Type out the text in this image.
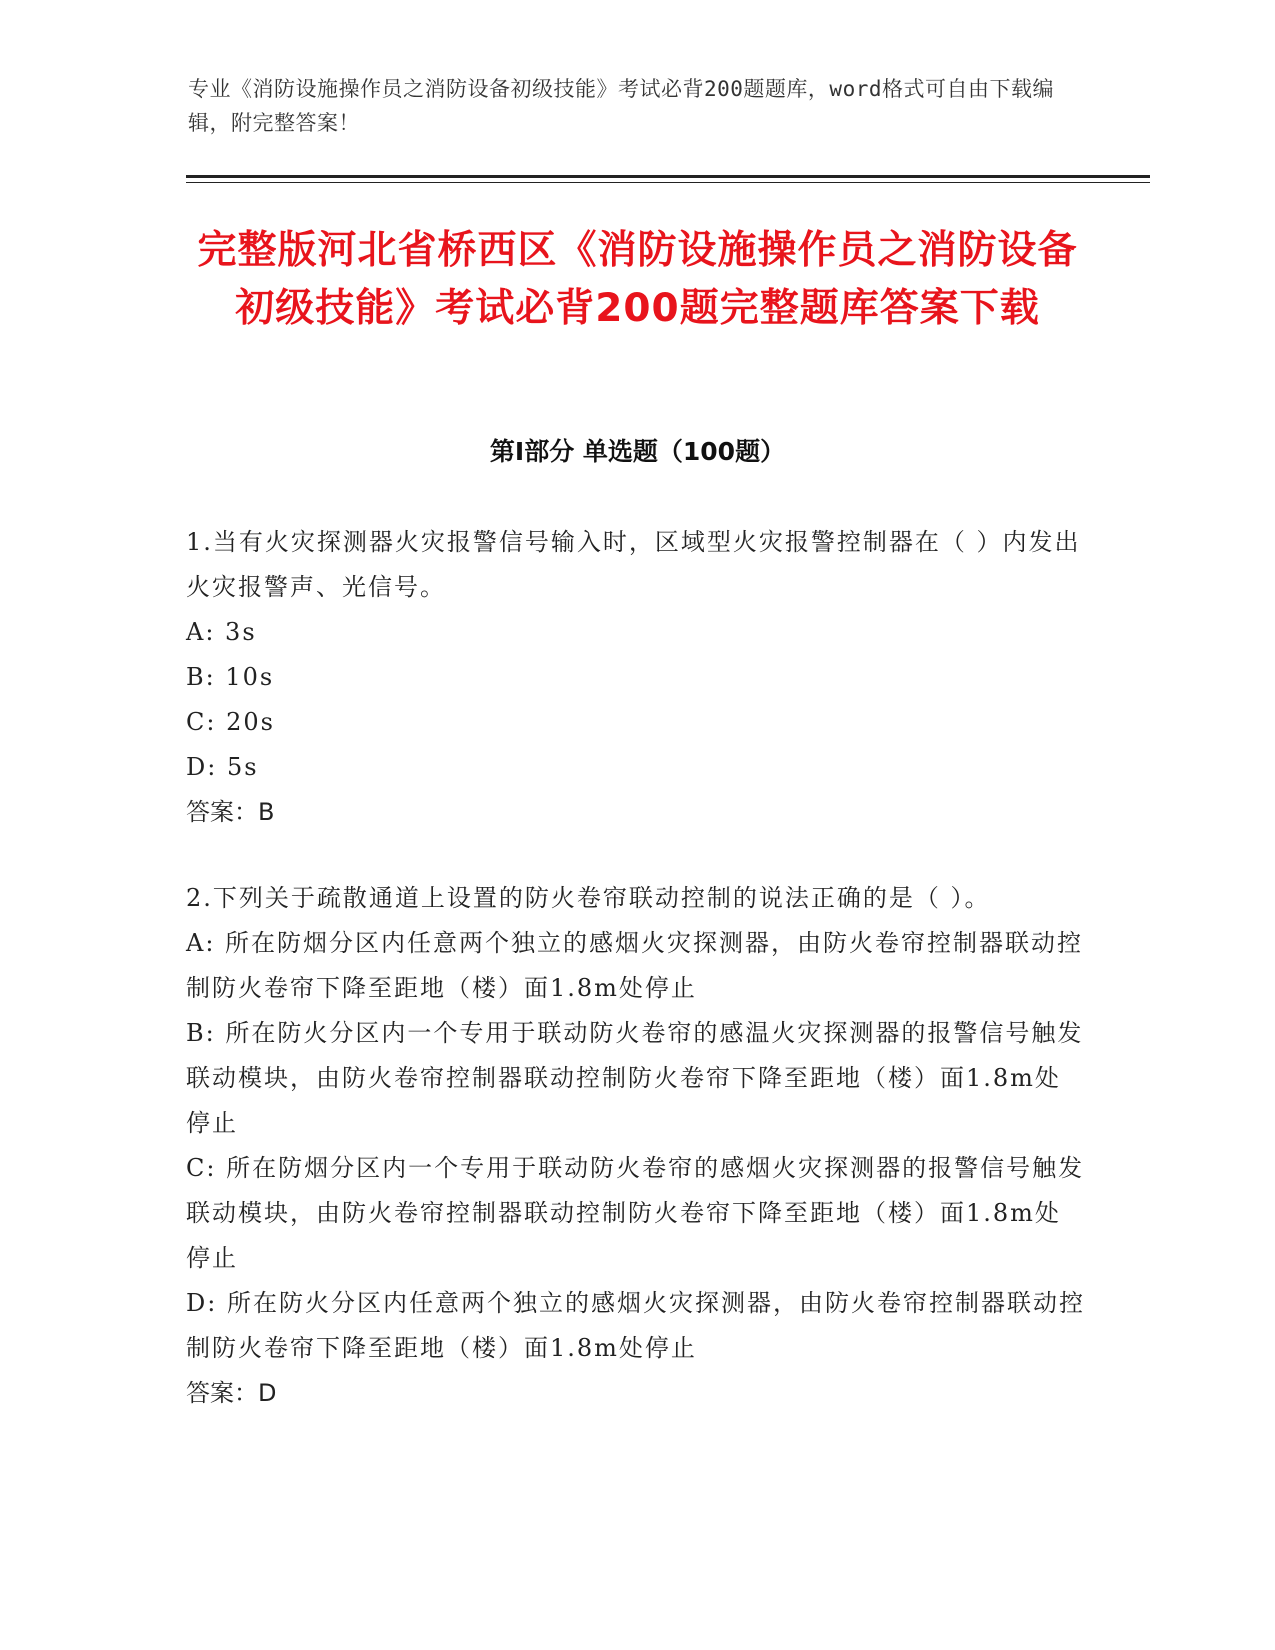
专业《消防设施操作员之消防设备初级技能》考试必背200题题库，word格式可自由下载编辑，附完整答案！
完整版河北省桥西区《消防设施操作员之消防设备初级技能》考试必背200题完整题库答案下载
第I部分 单选题（100题）

1.当有火灾探测器火灾报警信号输入时，区域型火灾报警控制器在（ ）内发出火灾报警声、光信号。

A: 3s

B: 10s

C: 20s

D: 5s

答案：B

2.下列关于疏散通道上设置的防火卷帘联动控制的说法正确的是（ ）。

A: 所在防烟分区内任意两个独立的感烟火灾探测器，由防火卷帘控制器联动控制防火卷帘下降至距地（楼）面1.8m处停止

B: 所在防火分区内一个专用于联动防火卷帘的感温火灾探测器的报警信号触发联动模块，由防火卷帘控制器联动控制防火卷帘下降至距地（楼）面1.8m处停止

C: 所在防烟分区内一个专用于联动防火卷帘的感烟火灾探测器的报警信号触发联动模块，由防火卷帘控制器联动控制防火卷帘下降至距地（楼）面1.8m处停止

D: 所在防火分区内任意两个独立的感烟火灾探测器，由防火卷帘控制器联动控制防火卷帘下降至距地（楼）面1.8m处停止

答案：D
